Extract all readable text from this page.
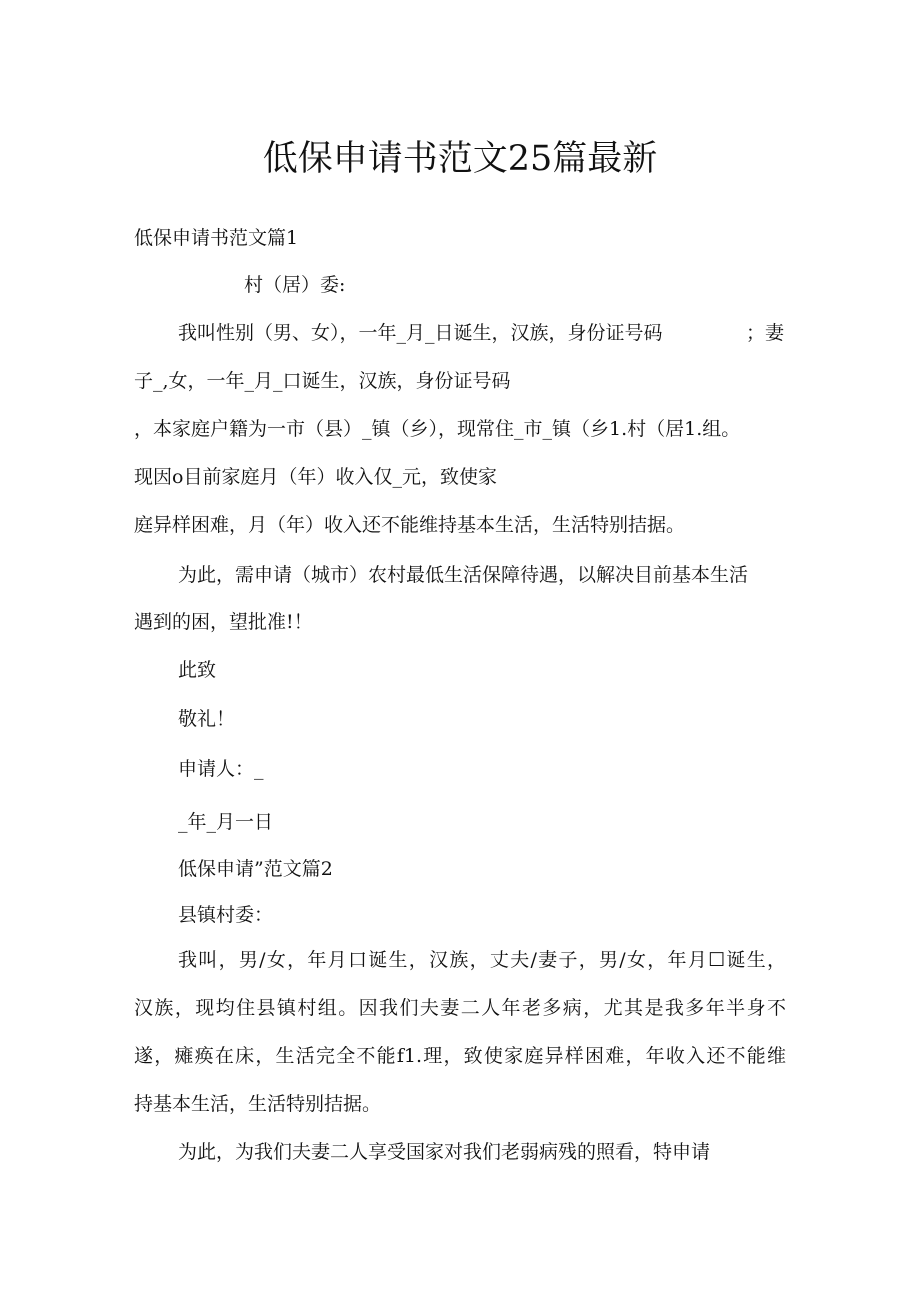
低保申请书范文25篇最新

低保申请书范文篇1

村（居）委:

我叫性别（男、女），一年_月_日诞生，汉族，身份证号码	；妻

子_,女，一年_月_口诞生，汉族，身份证号码

，本家庭户籍为一市（县）_镇（乡），现常住_市_镇（乡1.村（居1.组。

现因o目前家庭月（年）收入仅_元，致使家

庭异样困难，月（年）收入还不能维持基本生活，生活特别拮据。

为此，需申请（城市）农村最低生活保障待遇，以解决目前基本生活

遇到的困，望批准!！

此致

敬礼！

申请人：_

_年_月一日

低保申请”范文篇2

县镇村委：

我叫，男/女，年月口诞生，汉族，丈夫/妻子，男/女，年月☐诞生，

汉族，现均住县镇村组。因我们夫妻二人年老多病，尤其是我多年半身不

遂，瘫痪在床，生活完全不能f1.理，致使家庭异样困难，年收入还不能维

持基本生活，生活特别拮据。

为此，为我们夫妻二人享受国家对我们老弱病残的照看，特申请
